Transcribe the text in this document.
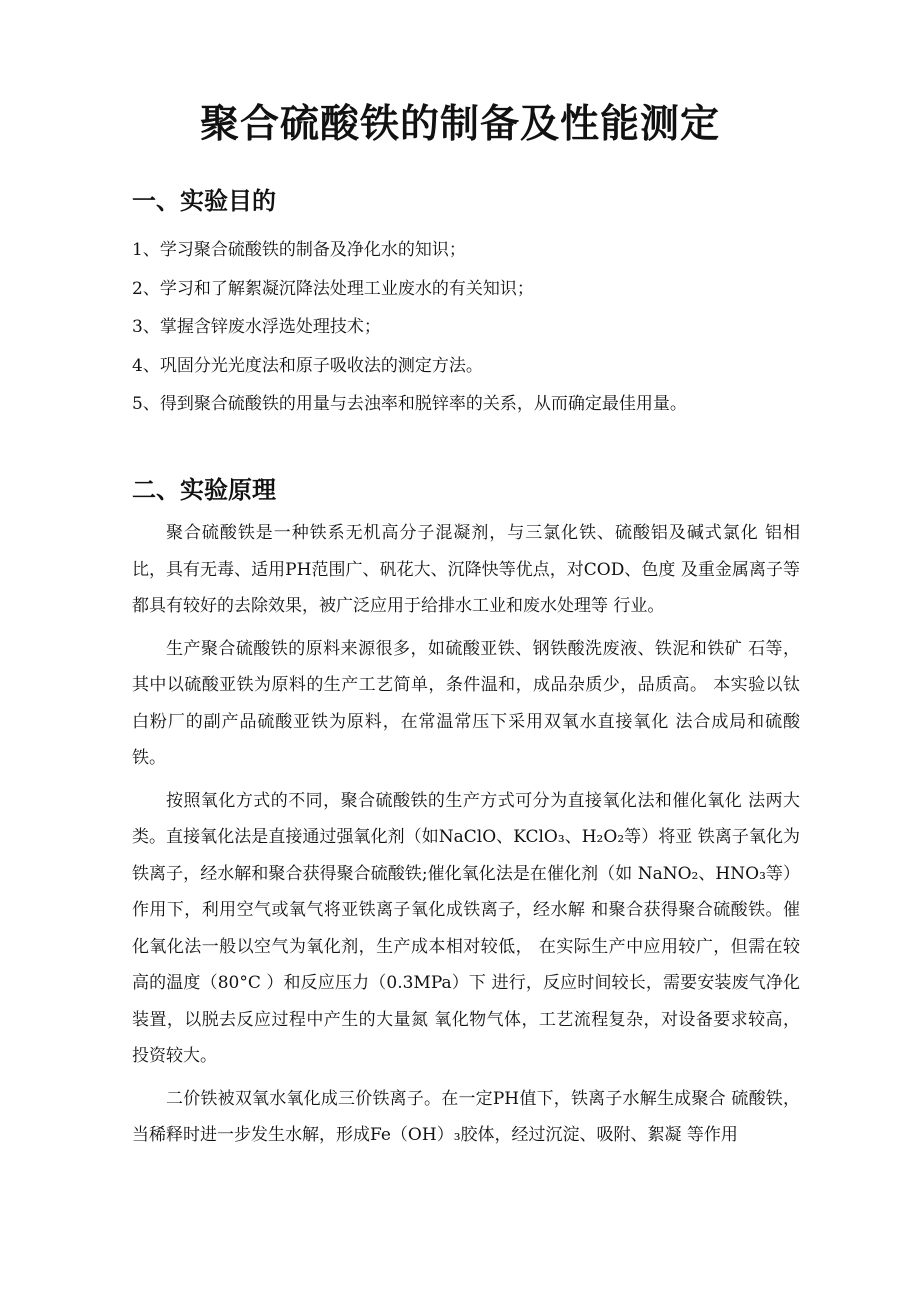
聚合硫酸铁的制备及性能测定
一、实验目的
1、学习聚合硫酸铁的制备及净化水的知识；
2、学习和了解絮凝沉降法处理工业废水的有关知识；
3、掌握含锌废水浮选处理技术；
4、巩固分光光度法和原子吸收法的测定方法。
5、得到聚合硫酸铁的用量与去浊率和脱锌率的关系，从而确定最佳用量。
二、实验原理

聚合硫酸铁是一种铁系无机高分子混凝剂，与三氯化铁、硫酸铝及碱式氯化 铝相比，具有无毒、适用PH范围广、矾花大、沉降快等优点，对COD、色度 及重金属离子等都具有较好的去除效果，被广泛应用于给排水工业和废水处理等 行业。

生产聚合硫酸铁的原料来源很多，如硫酸亚铁、钢铁酸洗废液、铁泥和铁矿 石等，其中以硫酸亚铁为原料的生产工艺简单，条件温和，成品杂质少，品质高。 本实验以钛白粉厂的副产品硫酸亚铁为原料，在常温常压下采用双氧水直接氧化 法合成局和硫酸铁。

按照氧化方式的不同，聚合硫酸铁的生产方式可分为直接氧化法和催化氧化 法两大类。直接氧化法是直接通过强氧化剂（如NaClO、KClO₃、H₂O₂等）将亚 铁离子氧化为铁离子，经水解和聚合获得聚合硫酸铁;催化氧化法是在催化剂（如 NaNO₂、HNO₃等）作用下，利用空气或氧气将亚铁离子氧化成铁离子，经水解 和聚合获得聚合硫酸铁。催化氧化法一般以空气为氧化剂，生产成本相对较低， 在实际生产中应用较广，但需在较高的温度（80°C ）和反应压力（0.3MPa）下 进行，反应时间较长，需要安装废气净化装置，以脱去反应过程中产生的大量氮 氧化物气体，工艺流程复杂，对设备要求较高，投资较大。

二价铁被双氧水氧化成三价铁离子。在一定PH值下，铁离子水解生成聚合 硫酸铁，当稀释时进一步发生水解，形成Fe（OH）₃胶体，经过沉淀、吸附、絮凝 等作用
